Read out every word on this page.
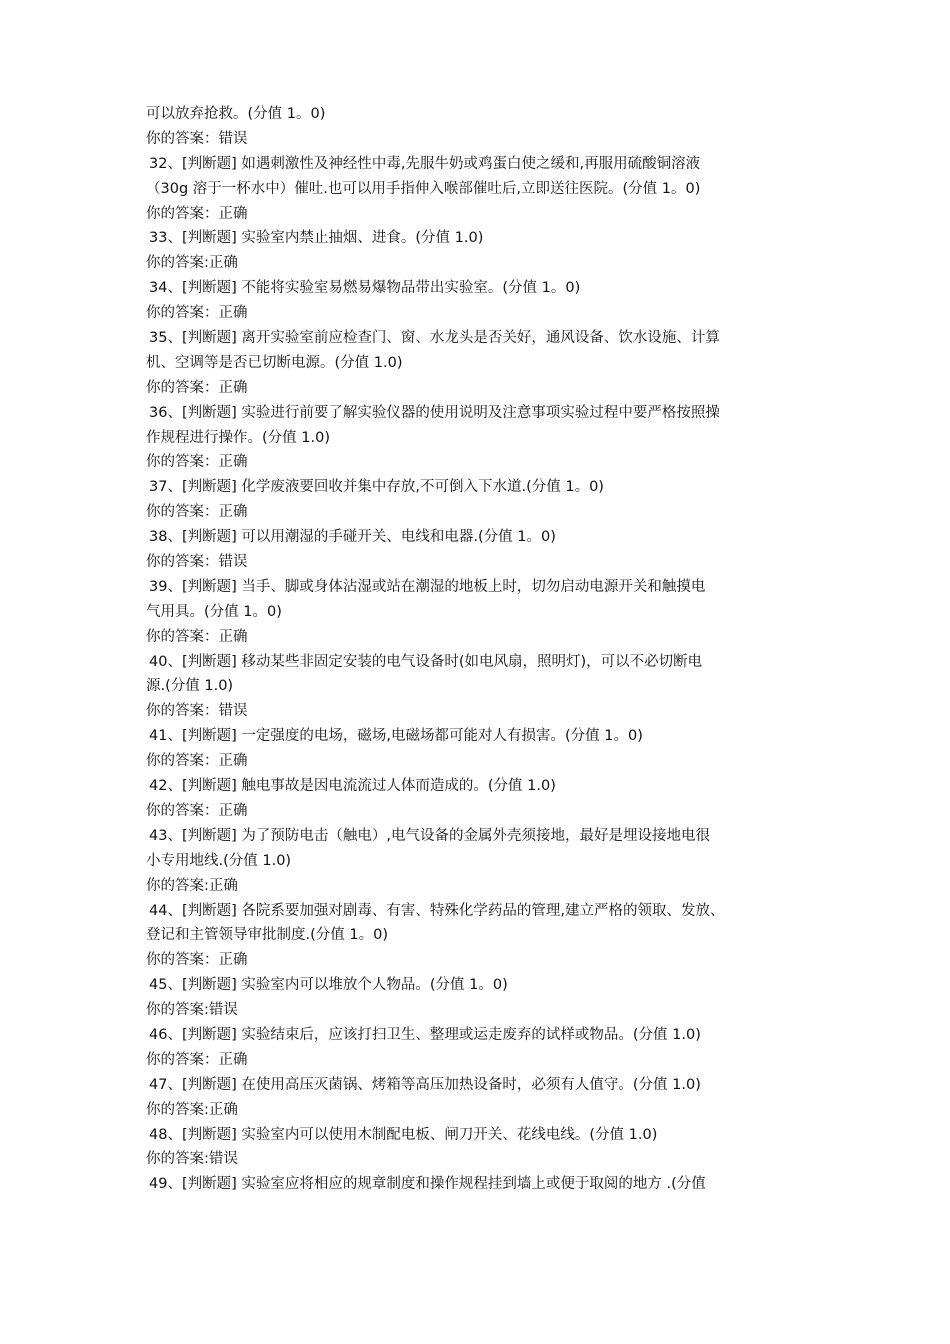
可以放弃抢救。(分值 1。0)
你的答案：错误
32、[判断题] 如遇刺激性及神经性中毒,先服牛奶或鸡蛋白使之缓和,再服用硫酸铜溶液
（30g 溶于一杯水中）催吐.也可以用手指伸入喉部催吐后,立即送往医院。(分值 1。0)
你的答案：正确
33、[判断题] 实验室内禁止抽烟、进食。(分值 1.0)
你的答案:正确
34、[判断题] 不能将实验室易燃易爆物品带出实验室。(分值 1。0)
你的答案：正确
35、[判断题] 离开实验室前应检查门、窗、水龙头是否关好，通风设备、饮水设施、计算
机、空调等是否已切断电源。(分值 1.0)
你的答案：正确
36、[判断题] 实验进行前要了解实验仪器的使用说明及注意事项实验过程中要严格按照操
作规程进行操作。(分值 1.0)
你的答案：正确
37、[判断题] 化学废液要回收并集中存放,不可倒入下水道.(分值 1。0)
你的答案：正确
38、[判断题] 可以用潮湿的手碰开关、电线和电器.(分值 1。0)
你的答案：错误
39、[判断题] 当手、脚或身体沾湿或站在潮湿的地板上时，切勿启动电源开关和触摸电
气用具。(分值 1。0)
你的答案：正确
40、[判断题] 移动某些非固定安装的电气设备时(如电风扇，照明灯)，可以不必切断电
源.(分值 1.0)
你的答案：错误
41、[判断题] 一定强度的电场，磁场,电磁场都可能对人有损害。(分值 1。0)
你的答案：正确
42、[判断题] 触电事故是因电流流过人体而造成的。(分值 1.0)
你的答案：正确
43、[判断题] 为了预防电击（触电）,电气设备的金属外壳须接地，最好是埋设接地电很
小专用地线.(分值 1.0)
你的答案:正确
44、[判断题] 各院系要加强对剧毒、有害、特殊化学药品的管理,建立严格的领取、发放、
登记和主管领导审批制度.(分值 1。0)
你的答案：正确
45、[判断题] 实验室内可以堆放个人物品。(分值 1。0)
你的答案:错误
46、[判断题] 实验结束后，应该打扫卫生、整理或运走废弃的试样或物品。(分值 1.0)
你的答案：正确
47、[判断题] 在使用高压灭菌锅、烤箱等高压加热设备时，必须有人值守。(分值 1.0)
你的答案:正确
48、[判断题] 实验室内可以使用木制配电板、闸刀开关、花线电线。(分值 1.0)
你的答案:错误
49、[判断题] 实验室应将相应的规章制度和操作规程挂到墙上或便于取阅的地方 .(分值
